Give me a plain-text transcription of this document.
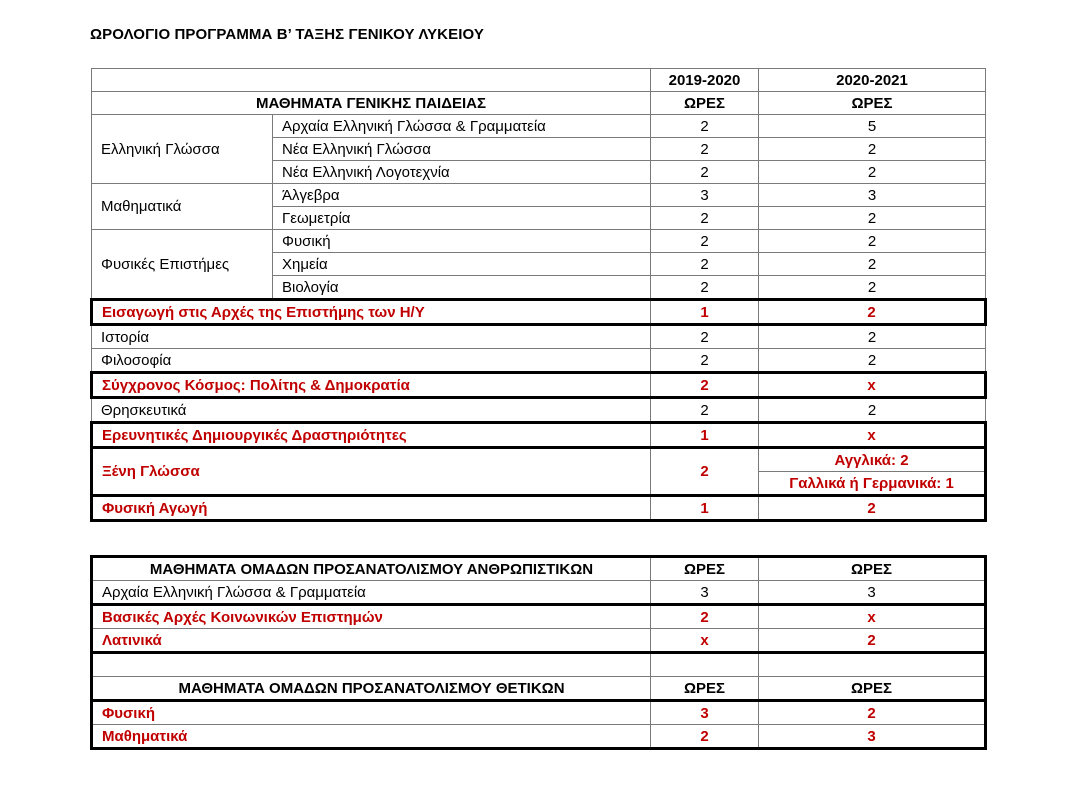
ΩΡΟΛΟΓΙΟ ΠΡΟΓΡΑΜΜΑ Β’ ΤΑΞΗΣ ΓΕΝΙΚΟΥ ΛΥΚΕΙΟΥ
		2019-2020	2020-2021
ΜΑΘΗΜΑΤΑ ΓΕΝΙΚΗΣ ΠΑΙΔΕΙΑΣ		ΩΡΕΣ	ΩΡΕΣ
Ελληνική Γλώσσα	Αρχαία Ελληνική Γλώσσα & Γραμματεία	2	5
	Νέα Ελληνική Γλώσσα	2	2
	Νέα Ελληνική Λογοτεχνία	2	2
Μαθηματικά	Άλγεβρα	3	3
	Γεωμετρία	2	2
Φυσικές Επιστήμες	Φυσική	2	2
	Χημεία	2	2
	Βιολογία	2	2
Εισαγωγή στις Αρχές της Επιστήμης των Η/Υ		1	2
Ιστορία		2	2
Φιλοσοφία		2	2
Σύγχρονος Κόσμος: Πολίτης & Δημοκρατία		2	x
Θρησκευτικά		2	2
Ερευνητικές Δημιουργικές Δραστηριότητες		1	x
Ξένη Γλώσσα		2	Αγγλικά: 2
			Γαλλικά ή Γερμανικά: 1
Φυσική Αγωγή		1	2
ΜΑΘΗΜΑΤΑ ΟΜΑΔΩΝ ΠΡΟΣΑΝΑΤΟΛΙΣΜΟΥ ΑΝΘΡΩΠΙΣΤΙΚΩΝ	ΩΡΕΣ	ΩΡΕΣ
Αρχαία Ελληνική Γλώσσα & Γραμματεία	3	3
Βασικές Αρχές Κοινωνικών Επιστημών	2	x
Λατινικά	x	2

ΜΑΘΗΜΑΤΑ ΟΜΑΔΩΝ ΠΡΟΣΑΝΑΤΟΛΙΣΜΟΥ ΘΕΤΙΚΩΝ	ΩΡΕΣ	ΩΡΕΣ
Φυσική	3	2
Μαθηματικά	2	3
